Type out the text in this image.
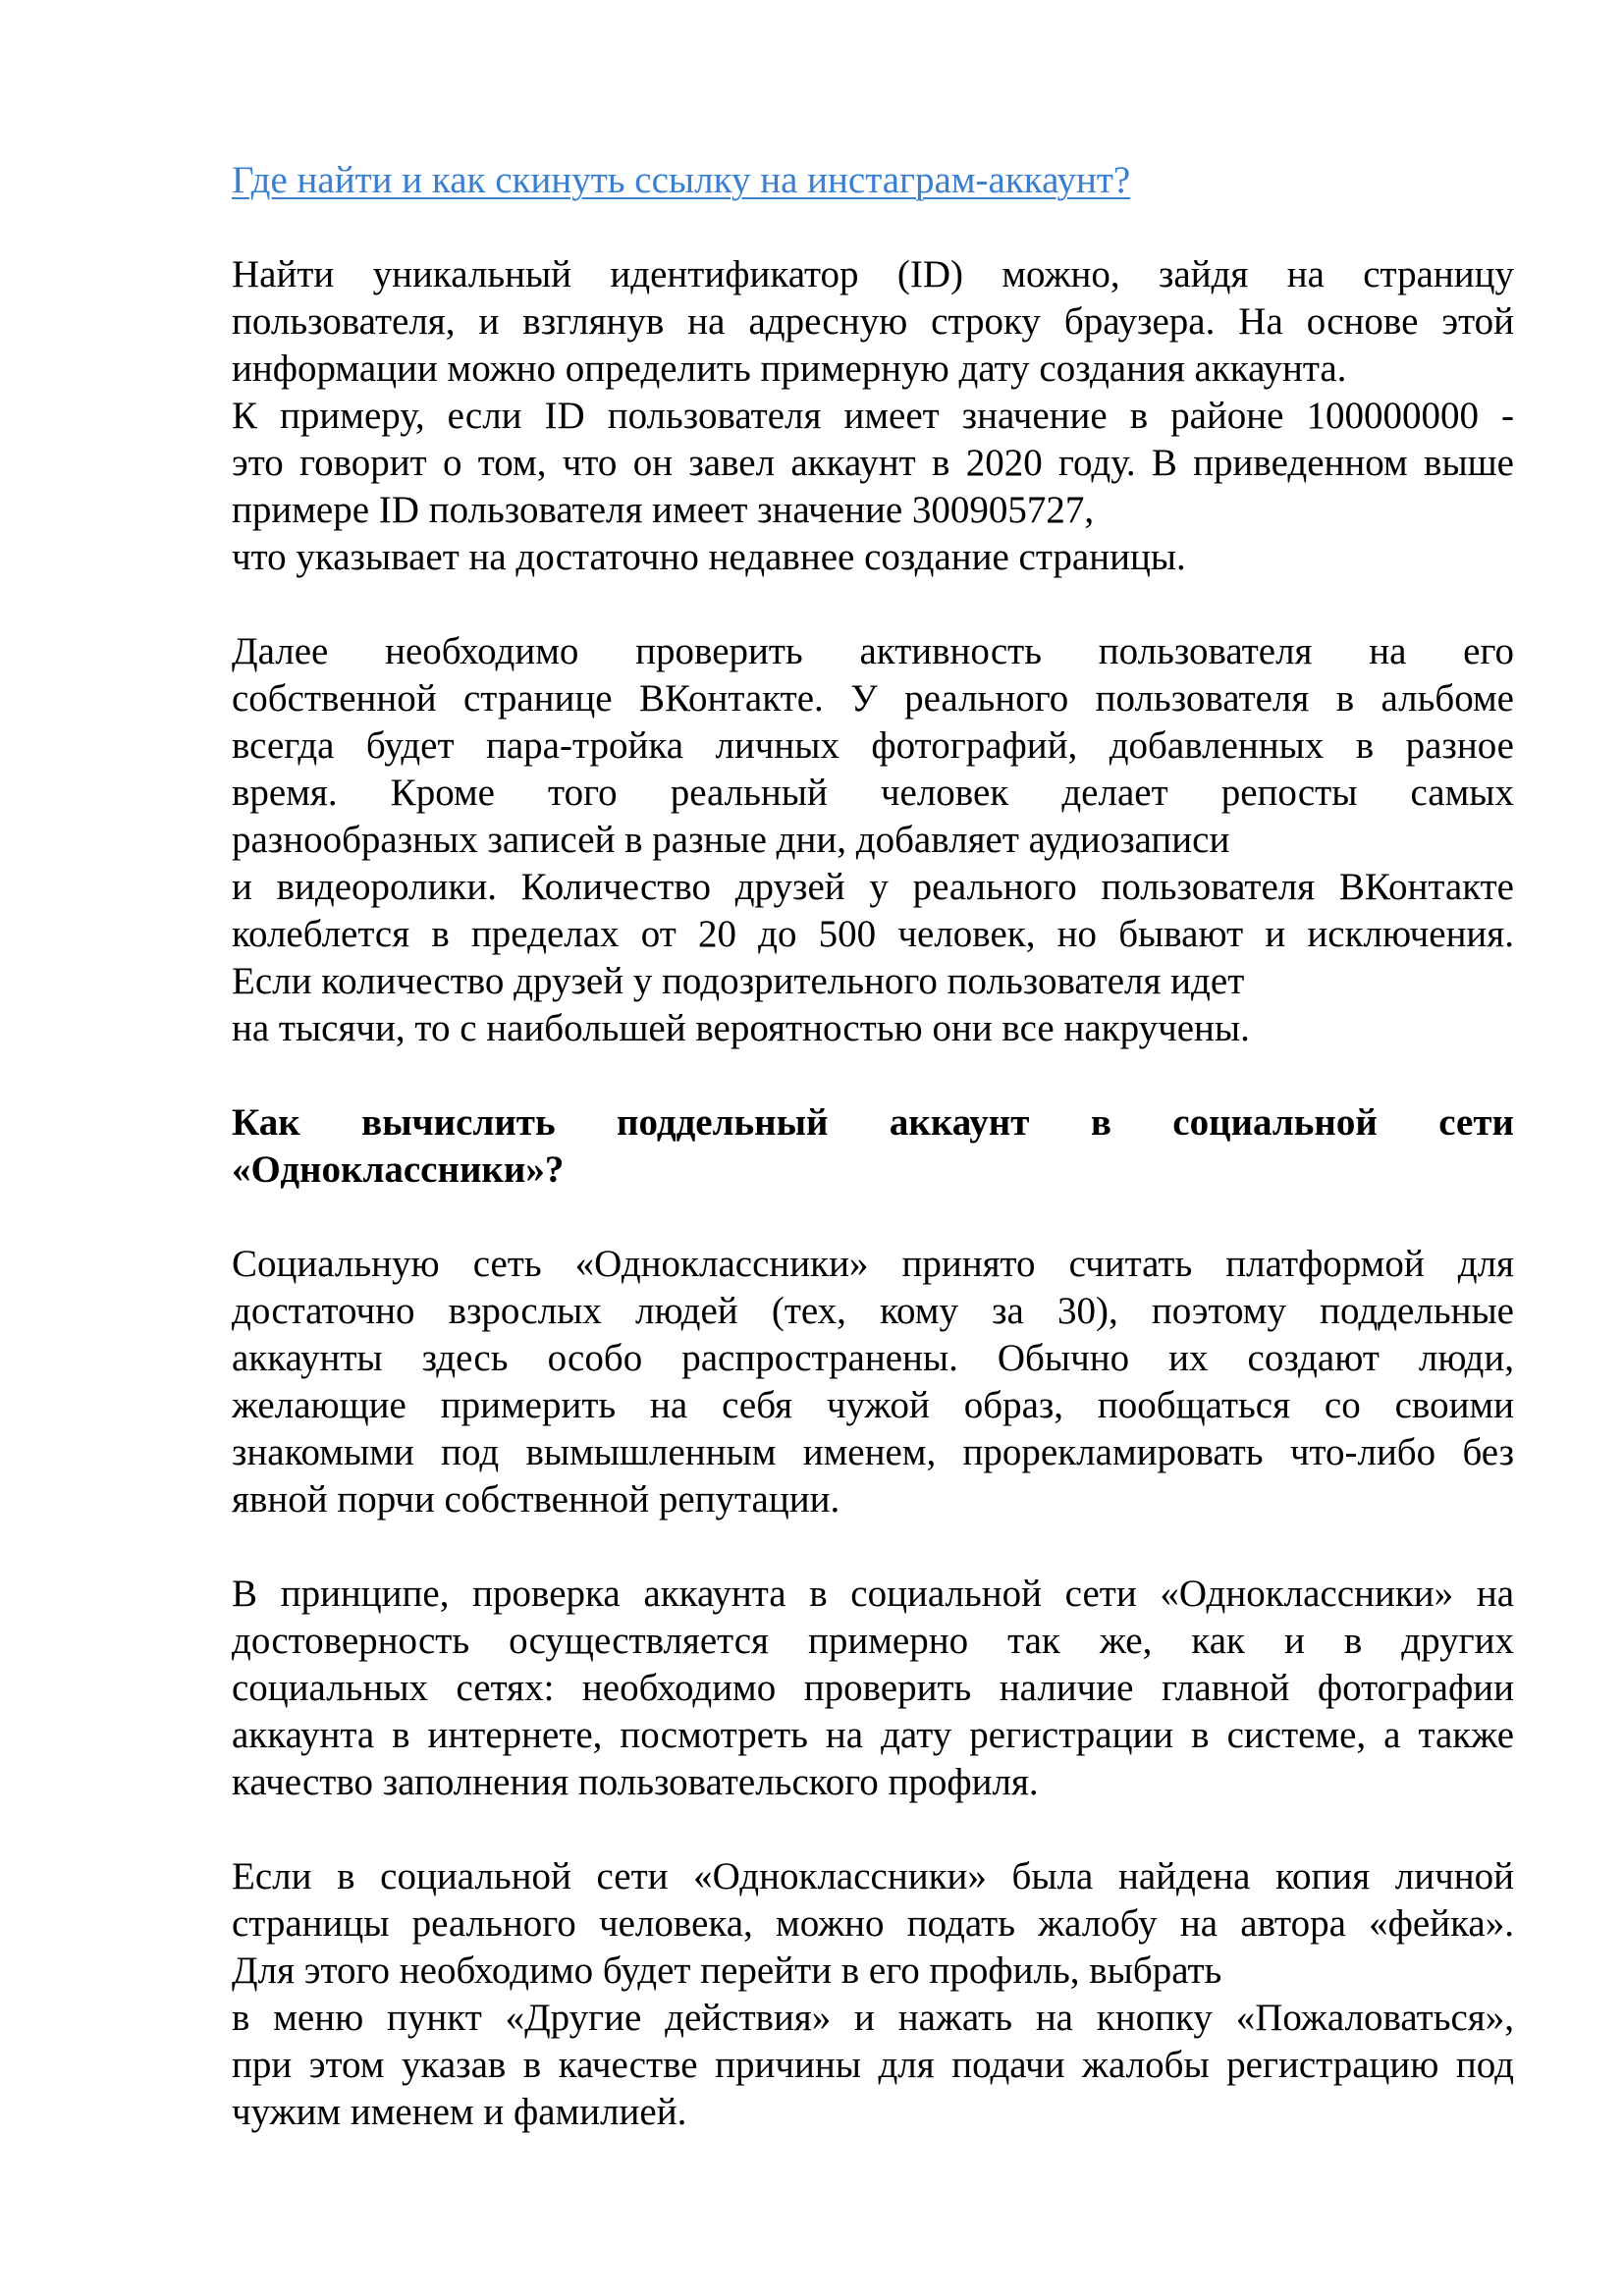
Где найти и как скинуть ссылку на инстаграм-аккаунт?

Найти уникальный идентификатор (ID) можно, зайдя на страницу
пользователя, и взглянув на адресную строку браузера. На основе этой
информации можно определить примерную дату создания аккаунта.
К примеру, если ID пользователя имеет значение в районе 100000000 -
это говорит о том, что он завел аккаунт в 2020 году. В приведенном выше
примере ID пользователя имеет значение 300905727,
что указывает на достаточно недавнее создание страницы.

Далее необходимо проверить активность пользователя на его
собственной странице ВКонтакте. У реального пользователя в альбоме
всегда будет пара-тройка личных фотографий, добавленных в разное
время. Кроме того реальный человек делает репосты самых
разнообразных записей в разные дни, добавляет аудиозаписи
и видеоролики. Количество друзей у реального пользователя ВКонтакте
колеблется в пределах от 20 до 500 человек, но бывают и исключения.
Если количество друзей у подозрительного пользователя идет
на тысячи, то с наибольшей вероятностью они все накручены.

Как вычислить поддельный аккаунт в социальной сети
«Одноклассники»?

Социальную сеть «Одноклассники» принято считать платформой для
достаточно взрослых людей (тех, кому за 30), поэтому поддельные
аккаунты здесь особо распространены. Обычно их создают люди,
желающие примерить на себя чужой образ, пообщаться со своими
знакомыми под вымышленным именем, прорекламировать что-либо без
явной порчи собственной репутации.

В принципе, проверка аккаунта в социальной сети «Одноклассники» на
достоверность осуществляется примерно так же, как и в других
социальных сетях: необходимо проверить наличие главной фотографии
аккаунта в интернете, посмотреть на дату регистрации в системе, а также
качество заполнения пользовательского профиля.

Если в социальной сети «Одноклассники» была найдена копия личной
страницы реального человека, можно подать жалобу на автора «фейка».
Для этого необходимо будет перейти в его профиль, выбрать
в меню пункт «Другие действия» и нажать на кнопку «Пожаловаться»,
при этом указав в качестве причины для подачи жалобы регистрацию под
чужим именем и фамилией.
